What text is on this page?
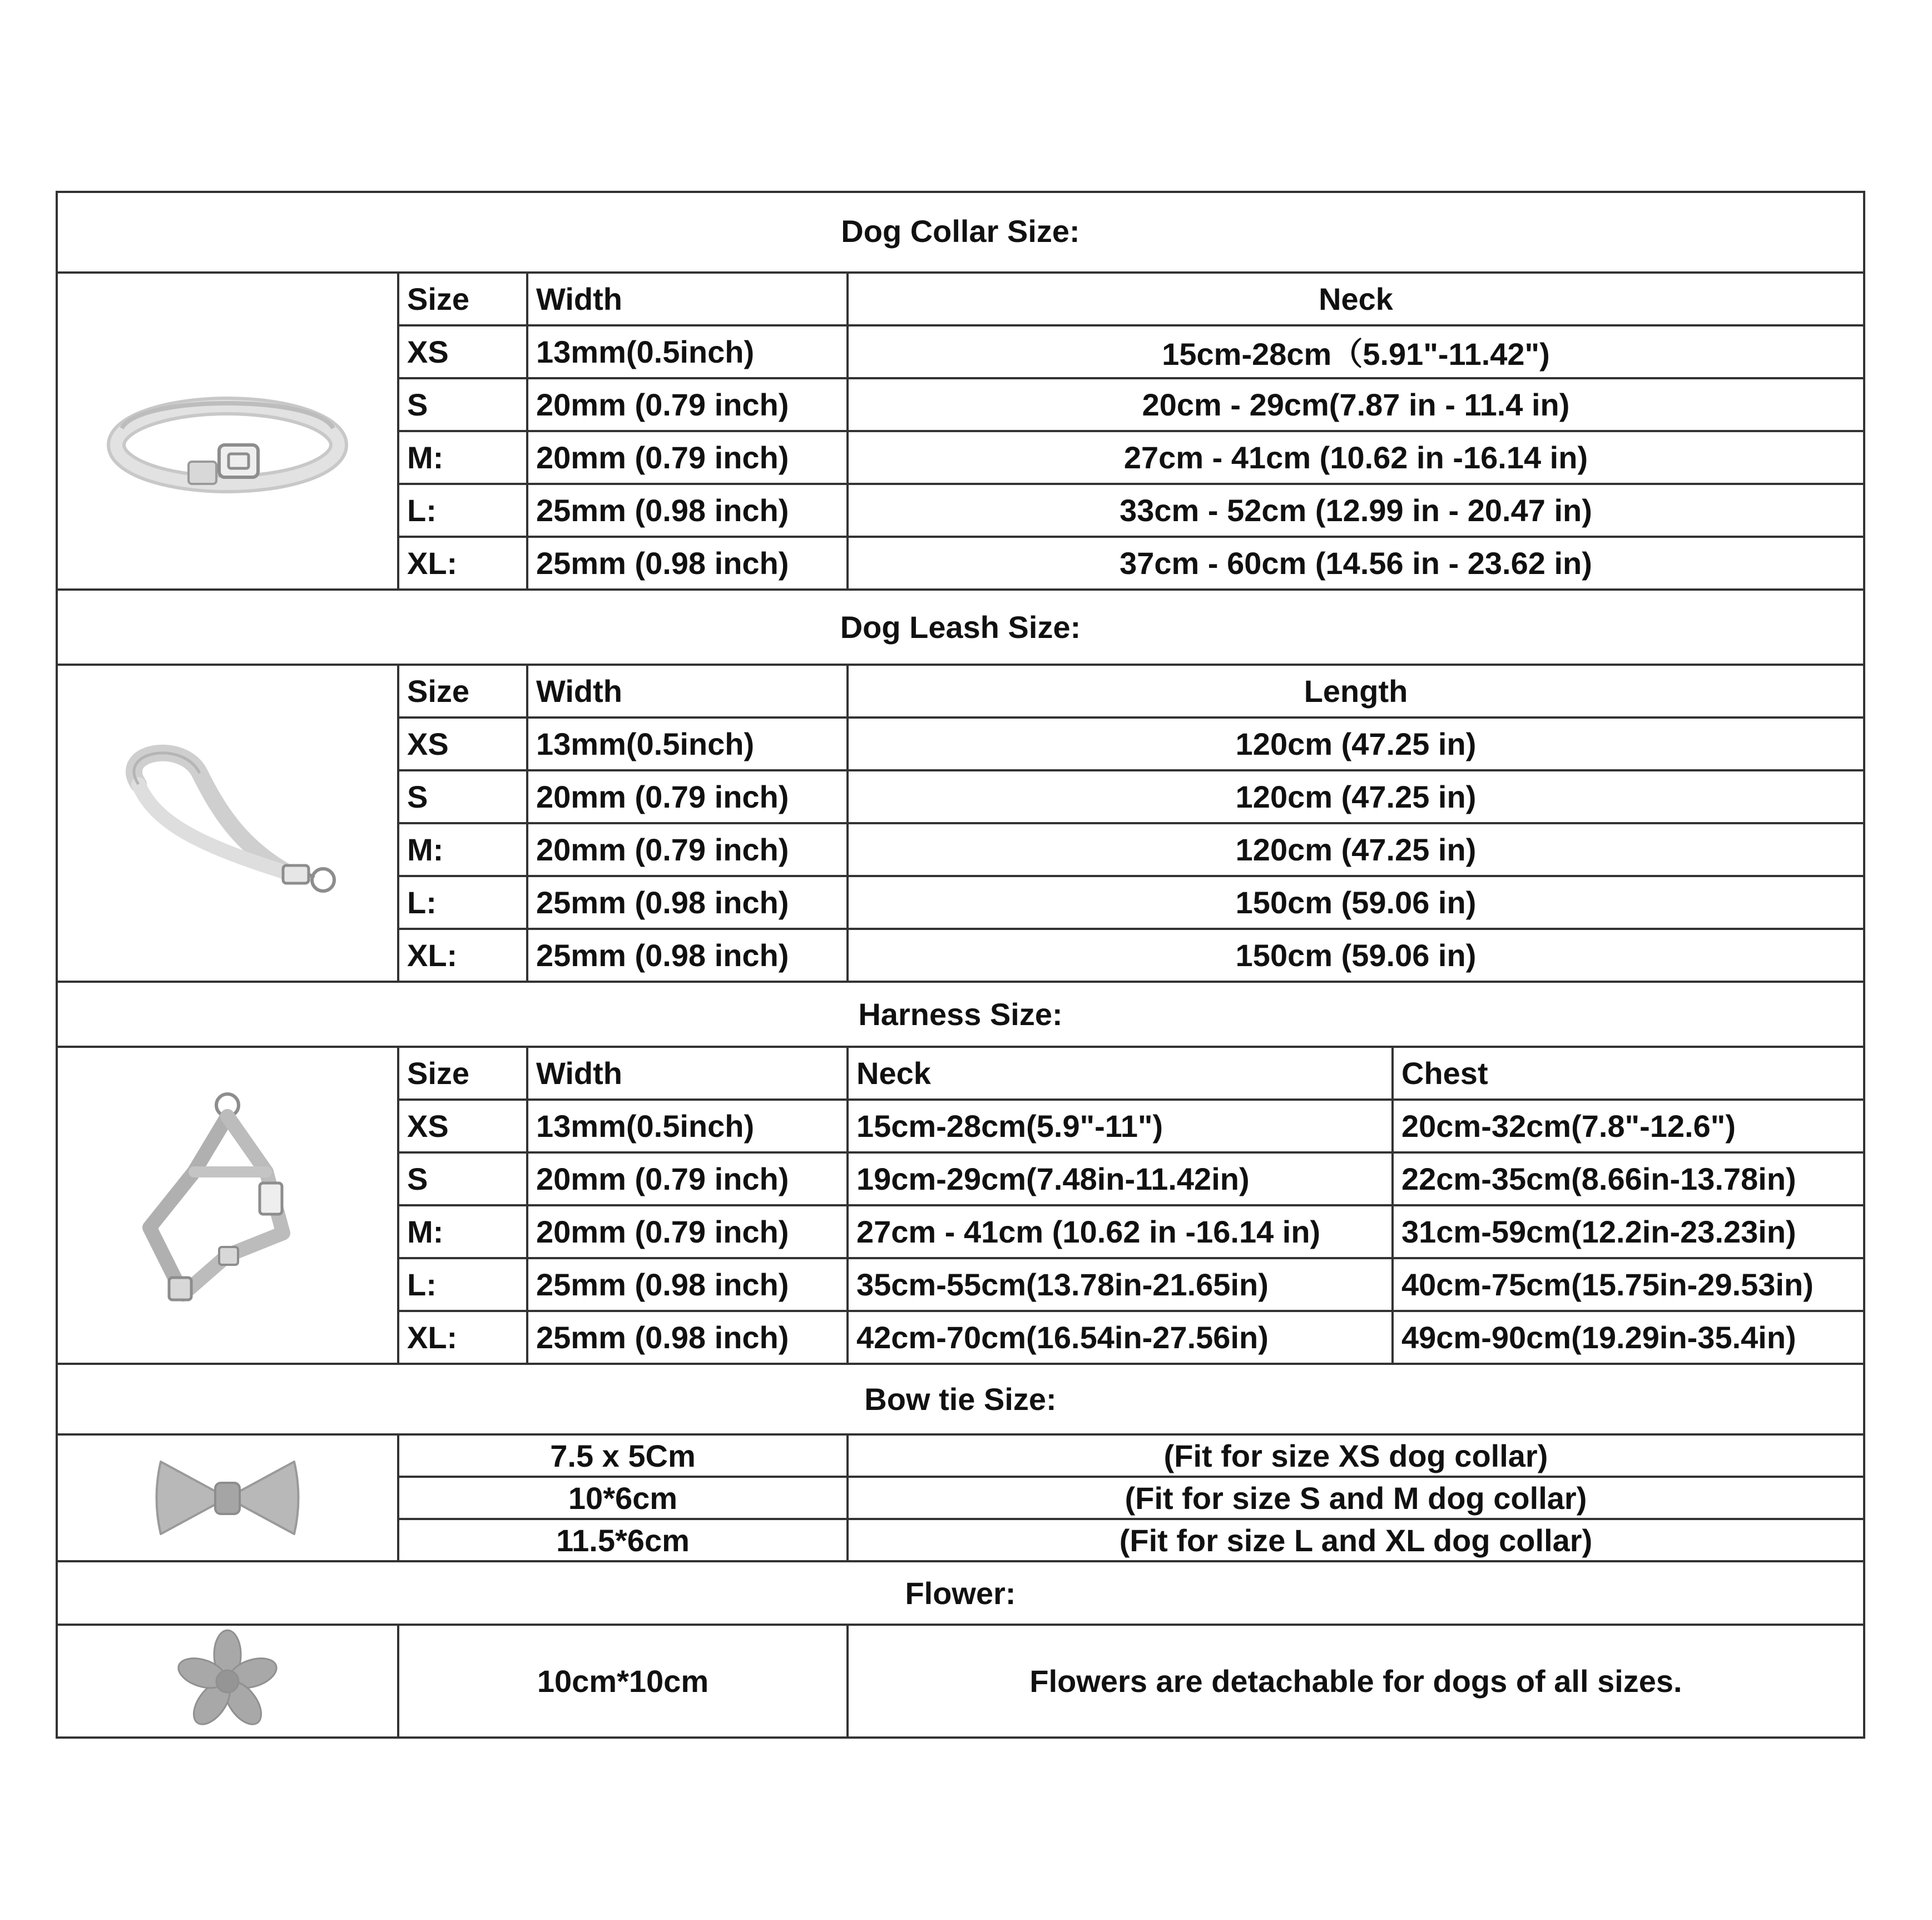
Dog Collar Size:
Size	Width	Neck
XS	13mm(0.5inch)	15cm-28cm（5.91"-11.42")
S	20mm (0.79 inch)	20cm - 29cm(7.87 in - 11.4 in)
M:	20mm (0.79 inch)	27cm - 41cm (10.62 in -16.14 in)
L:	25mm (0.98 inch)	33cm - 52cm (12.99 in - 20.47 in)
XL:	25mm (0.98 inch)	37cm - 60cm (14.56 in - 23.62 in)
Dog Leash Size:
Size	Width	Length
XS	13mm(0.5inch)	120cm (47.25 in)
S	20mm (0.79 inch)	120cm (47.25 in)
M:	20mm (0.79 inch)	120cm (47.25 in)
L:	25mm (0.98 inch)	150cm (59.06 in)
XL:	25mm (0.98 inch)	150cm (59.06 in)
Harness Size:
Size	Width	Neck	Chest
XS	13mm(0.5inch)	15cm-28cm(5.9"-11")	20cm-32cm(7.8"-12.6")
S	20mm (0.79 inch)	19cm-29cm(7.48in-11.42in)	22cm-35cm(8.66in-13.78in)
M:	20mm (0.79 inch)	27cm - 41cm (10.62 in -16.14 in)	31cm-59cm(12.2in-23.23in)
L:	25mm (0.98 inch)	35cm-55cm(13.78in-21.65in)	40cm-75cm(15.75in-29.53in)
XL:	25mm (0.98 inch)	42cm-70cm(16.54in-27.56in)	49cm-90cm(19.29in-35.4in)
Bow tie Size:
7.5 x 5Cm	(Fit for size XS dog collar)
10*6cm	(Fit for size S and M dog collar)
11.5*6cm	(Fit for size L and XL dog collar)
Flower:
10cm*10cm	Flowers are detachable for dogs of all sizes.
